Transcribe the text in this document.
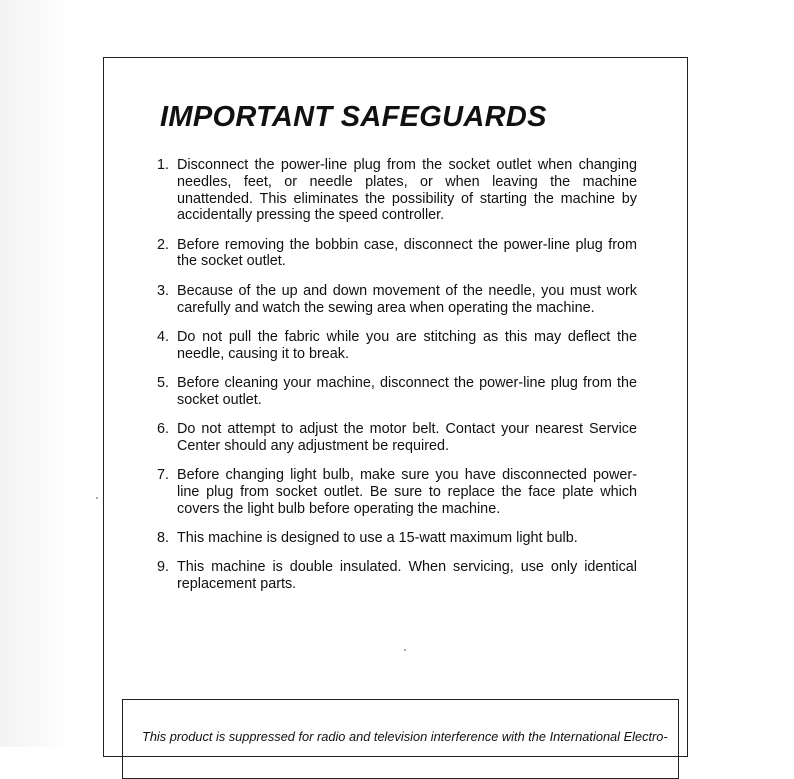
IMPORTANT SAFEGUARDS
1. Disconnect the power-line plug from the socket outlet when changing needles, feet, or needle plates, or when leaving the machine unattended. This eliminates the possibility of starting the machine by accidentally pressing the speed controller.
2. Before removing the bobbin case, disconnect the power-line plug from the socket outlet.
3. Because of the up and down movement of the needle, you must work carefully and watch the sewing area when operating the machine.
4. Do not pull the fabric while you are stitching as this may deflect the needle, causing it to break.
5. Before cleaning your machine, disconnect the power-line plug from the socket outlet.
6. Do not attempt to adjust the motor belt. Contact your nearest Service Center should any adjustment be required.
7. Before changing light bulb, make sure you have disconnected power-line plug from socket outlet. Be sure to replace the face plate which covers the light bulb before operating the machine.
8. This machine is designed to use a 15-watt maximum light bulb.
9. This machine is double insulated. When servicing, use only identical replacement parts.

This product is suppressed for radio and television interference with the International Electro-
